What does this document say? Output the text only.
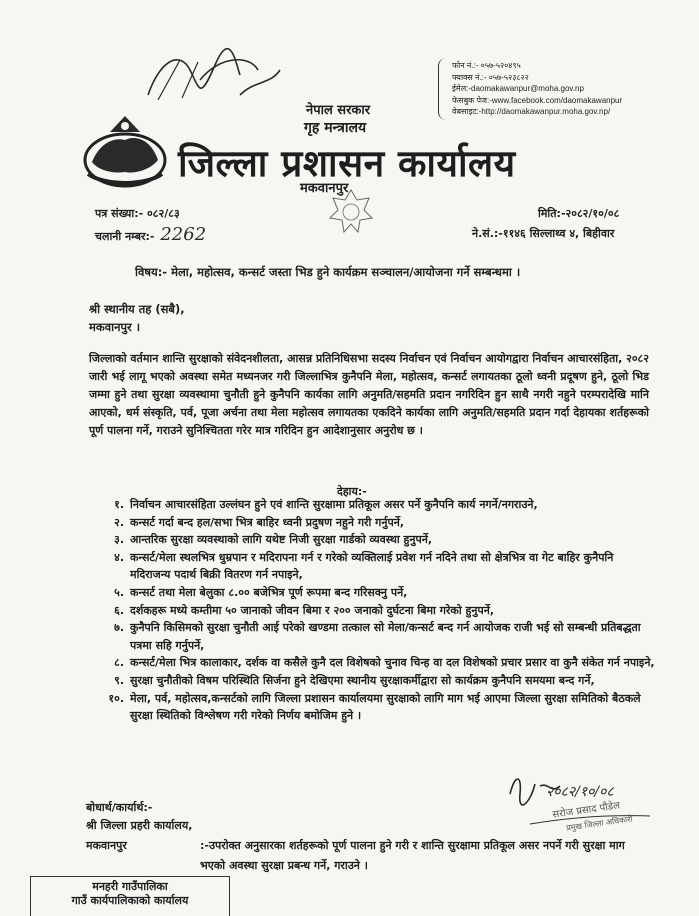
फोन नं.:- ०५७-५२०४९५
फ्याक्स नं.:- ०५७-५२३८२२
ईमेल:-daomakawanpur@moha.gov.np
फेसबुक पेज:-www.facebook.com/daomakawanpur
वेबसाइट:-http://daomakawanpur.moha.gov.np/
नेपाल सरकार
गृह मन्त्रालय
जिल्ला प्रशासन कार्यालय
मकवानपुर
पत्र संख्या:- ०८२/८३
चलानी नम्बर:- 2262
मिति:-२०८२/१०/०८
ने.सं.:-११४६ सिल्लाथ्व ४, बिहीवार
विषय:- मेला, महोत्सव, कन्सर्ट जस्ता भिड हुने कार्यक्रम सञ्चालन/आयोजना गर्ने सम्बन्धमा ।
श्री स्थानीय तह (सबै),
मकवानपुर ।
जिल्लाको वर्तमान शान्ति सुरक्षाको संवेदनशीलता, आसन्न प्रतिनिधिसभा सदस्य निर्वाचन एवं निर्वाचन आयोगद्वारा निर्वाचन आचारसंहिता, २०८२ जारी भई लागू भएको अवस्था समेत मध्यनजर गरी जिल्लाभित्र कुनैपनि मेला, महोत्सव, कन्सर्ट लगायतका ठूलो ध्वनी प्रदूषण हुने, ठूलो भिड जम्मा हुने तथा सुरक्षा व्यवस्थामा चुनौती हुने कुनैपनि कार्यका लागि अनुमति/सहमति प्रदान नगरिदिन हुन साथै नगरी नहुने परम्परादेखि मानि आएको, धर्म संस्कृति, पर्व, पूजा अर्चना तथा मेला महोत्सव लगायतका एकदिने कार्यका लागि अनुमति/सहमति प्रदान गर्दा देहायका शर्तहरूको पूर्ण पालना गर्ने, गराउने सुनिश्चितता गरेर मात्र गरिदिन हुन आदेशानुसार अनुरोध छ ।
देहाय:-
१. निर्वाचन आचारसंहिता उल्लंघन हुने एवं शान्ति सुरक्षामा प्रतिकूल असर पर्ने कुनैपनि कार्य नगर्ने/नगराउने,
२. कन्सर्ट गर्दा बन्द हल/सभा भित्र बाहिर ध्वनी प्रदुषण नहुने गरी गर्नुपर्ने,
३. आन्तरिक सुरक्षा व्यवस्थाको लागि यथेष्ट निजी सुरक्षा गार्डको व्यवस्था हुनुपर्ने,
४. कन्सर्ट/मेला स्थलभित्र धुम्रपान र मदिरापना गर्न र गरेको व्यक्तिलाई प्रवेश गर्न नदिने तथा सो क्षेत्रभित्र वा गेट बाहिर कुनैपनि मदिराजन्य पदार्थ बिक्री वितरण गर्न नपाइने,
५. कन्सर्ट तथा मेला बेलुका ८.०० बजेभित्र पूर्ण रूपमा बन्द गरिसक्नु पर्ने,
६. दर्शकहरू मध्ये कम्तीमा ५० जानाको जीवन बिमा र २०० जनाको दुर्घटना बिमा गरेको हुनुपर्ने,
७. कुनैपनि किसिमको सुरक्षा चुनौती आई परेको खण्डमा तत्काल सो मेला/कन्सर्ट बन्द गर्न आयोजक राजी भई सो सम्बन्धी प्रतिबद्धता पत्रमा सहि गर्नुपर्ने,
८. कन्सर्ट/मेला भित्र कालाकार, दर्शक वा कसैले कुनै दल विशेषको चुनाव चिन्ह वा दल विशेषको प्रचार प्रसार वा कुनै संकेत गर्न नपाइने,
९. सुरक्षा चुनौतीको विषम परिस्थिति सिर्जना हुने देखिएमा स्थानीय सुरक्षाकर्मीद्वारा सो कार्यक्रम कुनैपनि समयमा बन्द गर्ने,
१०. मेला, पर्व, महोत्सव,कन्सर्टको लागि जिल्ला प्रशासन कार्यालयमा सुरक्षाको लागि माग भई आएमा जिल्ला सुरक्षा समितिको बैठकले सुरक्षा स्थितिको विश्लेषण गरी गरेको निर्णय बमोजिम हुने ।
२०८२/१०/०८
सरोज प्रसाद पौडेल
प्रमुख जिल्ला अधिकारी
बोधार्थ/कार्यार्थ:-
श्री जिल्ला प्रहरी कार्यालय,
मकवानपुर	:-उपरोक्त अनुसारका शर्तहरूको पूर्ण पालना हुने गरी र शान्ति सुरक्षामा प्रतिकूल असर नपर्ने गरी सुरक्षा माग भएको अवस्था सुरक्षा प्रबन्ध गर्ने, गराउने ।
मनहरी गाउँपालिका
गाउँ कार्यपालिकाको कार्यालय
